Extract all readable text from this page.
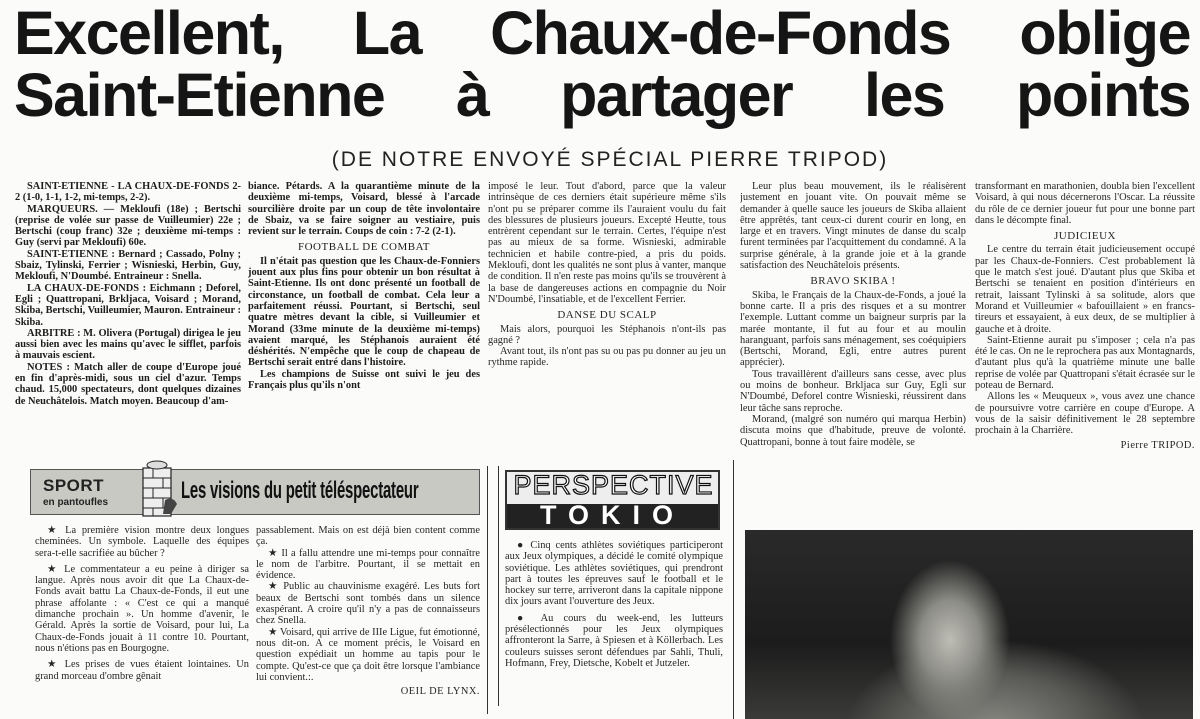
Excellent, La Chaux-de-Fonds oblige
Saint-Etienne à partager les points
(DE NOTRE ENVOYÉ SPÉCIAL PIERRE TRIPOD)

SAINT-ETIENNE - LA CHAUX-DE-FONDS 2-2 (1-0, 1-1, 1-2, mi-temps, 2-2).

MARQUEURS. — Mekloufi (18e) ; Bertschi (reprise de volée sur passe de Vuilleumier) 22e ; Bertschi (coup franc) 32e ; deuxième mi-temps : Guy (servi par Mekloufi) 60e.

SAINT-ETIENNE : Bernard ; Cassado, Polny ; Sbaiz, Tylinski, Ferrier ; Wisnieski, Herbin, Guy, Mekloufi, N'Doumbé. Entraineur : Snella.

LA CHAUX-DE-FONDS : Eichmann ; Deforel, Egli ; Quattropani, Brkljaca, Voisard ; Morand, Skiba, Bertschi, Vuilleumier, Mauron. Entraineur : Skiba.

ARBITRE : M. Olivera (Portugal) dirigea le jeu aussi bien avec les mains qu'avec le sifflet, parfois à mauvais escient.

NOTES : Match aller de coupe d'Europe joué en fin d'après-midi, sous un ciel d'azur. Temps chaud. 15,000 spectateurs, dont quelques dizaines de Neuchâtelois. Match moyen. Beaucoup d'am-

biance. Pétards. A la quarantième minute de la deuxième mi-temps, Voisard, blessé à l'arcade sourcilière droite par un coup de tête involontaire de Sbaiz, va se faire soigner au vestiaire, puis revient sur le terrain. Coups de coin : 7-2 (2-1).

FOOTBALL DE COMBAT

Il n'était pas question que les Chaux-de-Fonniers jouent aux plus fins pour obtenir un bon résultat à Saint-Etienne. Ils ont donc présenté un football de circonstance, un football de combat. Cela leur a parfaitement réussi. Pourtant, si Bertschi, seul quatre mètres devant la cible, si Vuilleumier et Morand (33me minute de la deuxième mi-temps) avaient marqué, les Stéphanois auraient été déshérités. N'empêche que le coup de chapeau de Bertschi serait entré dans l'histoire.

Les champions de Suisse ont suivi le jeu des Français plus qu'ils n'ont

imposé le leur. Tout d'abord, parce que la valeur intrinsèque de ces derniers était supérieure même s'ils n'ont pu se préparer comme ils l'auraient voulu du fait des blessures de plusieurs joueurs. Excepté Heutte, tous entrèrent cependant sur le terrain. Certes, l'équipe n'est pas au mieux de sa forme. Wisnieski, admirable technicien et habile contre-pied, a pris du poids. Mekloufi, dont les qualités ne sont plus à vanter, manque de condition. Il n'en reste pas moins qu'ils se trouvèrent à la base de dangereuses actions en compagnie du Noir N'Doumbé, l'insatiable, et de l'excellent Ferrier.

DANSE DU SCALP

Mais alors, pourquoi les Stéphanois n'ont-ils pas gagné ?

Avant tout, ils n'ont pas su ou pas pu donner au jeu un rythme rapide.

Leur plus beau mouvement, ils le réalisèrent justement en jouant vite. On pouvait même se demander à quelle sauce les joueurs de Skiba allaient être apprêtés, tant ceux-ci durent courir en long, en large et en travers. Vingt minutes de danse du scalp furent terminées par l'acquittement du condamné. A la surprise générale, à la grande joie et à la grande satisfaction des Neuchâtelois présents.

BRAVO SKIBA !

Skiba, le Français de la Chaux-de-Fonds, a joué la bonne carte. Il a pris des risques et a su montrer l'exemple. Luttant comme un baigneur surpris par la marée montante, il fut au four et au moulin haranguant, parfois sans ménagement, ses coéquipiers (Bertschi, Morand, Egli, entre autres purent apprécier).

Tous travaillèrent d'ailleurs sans cesse, avec plus ou moins de bonheur. Brkljaca sur Guy, Egli sur N'Doumbé, Deforel contre Wisnieski, réussirent dans leur tâche sans reproche.

Morand, (malgré son numéro qui marqua Herbin) discuta moins que d'habitude, preuve de volonté. Quattropani, bonne à tout faire modèle, se

transformant en marathonien, doubla bien l'excellent Voisard, à qui nous décernerons l'Oscar. La réussite du rôle de ce dernier joueur fut pour une bonne part dans le décompte final.

JUDICIEUX

Le centre du terrain était judicieusement occupé par les Chaux-de-Fonniers. C'est probablement là que le match s'est joué. D'autant plus que Skiba et Bertschi se tenaient en position d'intérieurs en retrait, laissant Tylinski à sa solitude, alors que Morand et Vuilleumier « bafouillaient » en francs-tireurs et essayaient, à eux deux, de se multiplier à gauche et à droite.

Saint-Etienne aurait pu s'imposer ; cela n'a pas été le cas. On ne le reprochera pas aux Montagnards, d'autant plus qu'à la quatrième minute une balle reprise de volée par Quattropani s'était écrasée sur le poteau de Bernard.

Allons les « Meuqueux », vous avez une chance de poursuivre votre carrière en coupe d'Europe. A vous de la saisir définitivement le 28 septembre prochain à la Charrière.

Pierre TRIPOD.

SPORT
en pantoufles	Les visions du petit téléspectateur

★ La première vision montre deux longues cheminées. Un symbole. Laquelle des équipes sera-t-elle sacrifiée au bûcher ?

★ Le commentateur a eu peine à diriger sa langue. Après nous avoir dit que La Chaux-de-Fonds avait battu La Chaux-de-Fonds, il eut une phrase affolante : « C'est ce qui a manqué dimanche prochain ». Un homme d'avenir, le Gérald. Après la sortie de Voisard, pour lui, La Chaux-de-Fonds jouait à 11 contre 10. Pourtant, nous n'étions pas en Bourgogne.

★ Les prises de vues étaient lointaines. Un grand morceau d'ombre gênait

passablement. Mais on est déjà bien content comme ça.

★ Il a fallu attendre une mi-temps pour connaître le nom de l'arbitre. Pourtant, il se mettait en évidence.

★ Public au chauvinisme exagéré. Les buts fort beaux de Bertschi sont tombés dans un silence exaspérant. A croire qu'il n'y a pas de connaisseurs chez Snella.

★ Voisard, qui arrive de IIIe Ligue, fut émotionné, nous dit-on. A ce moment précis, le Voisard en question expédiait un homme au tapis pour le compte. Qu'est-ce que ça doit être lorsque l'ambiance lui convient.:.

OEIL DE LYNX.

PERSPECTIVE
TOKIO

● Cinq cents athlètes soviétiques participeront aux Jeux olympiques, a décidé le comité olympique soviétique. Les athlètes soviétiques, qui prendront part à toutes les épreuves sauf le football et le hockey sur terre, arriveront dans la capitale nippone dix jours avant l'ouverture des Jeux.

● Au cours du week-end, les lutteurs présélectionnés pour les Jeux olympiques affronteront la Sarre, à Spiesen et à Köllerbach. Les couleurs suisses seront défendues par Sahli, Thuli, Hofmann, Frey, Dietsche, Kobelt et Jutzeler.
